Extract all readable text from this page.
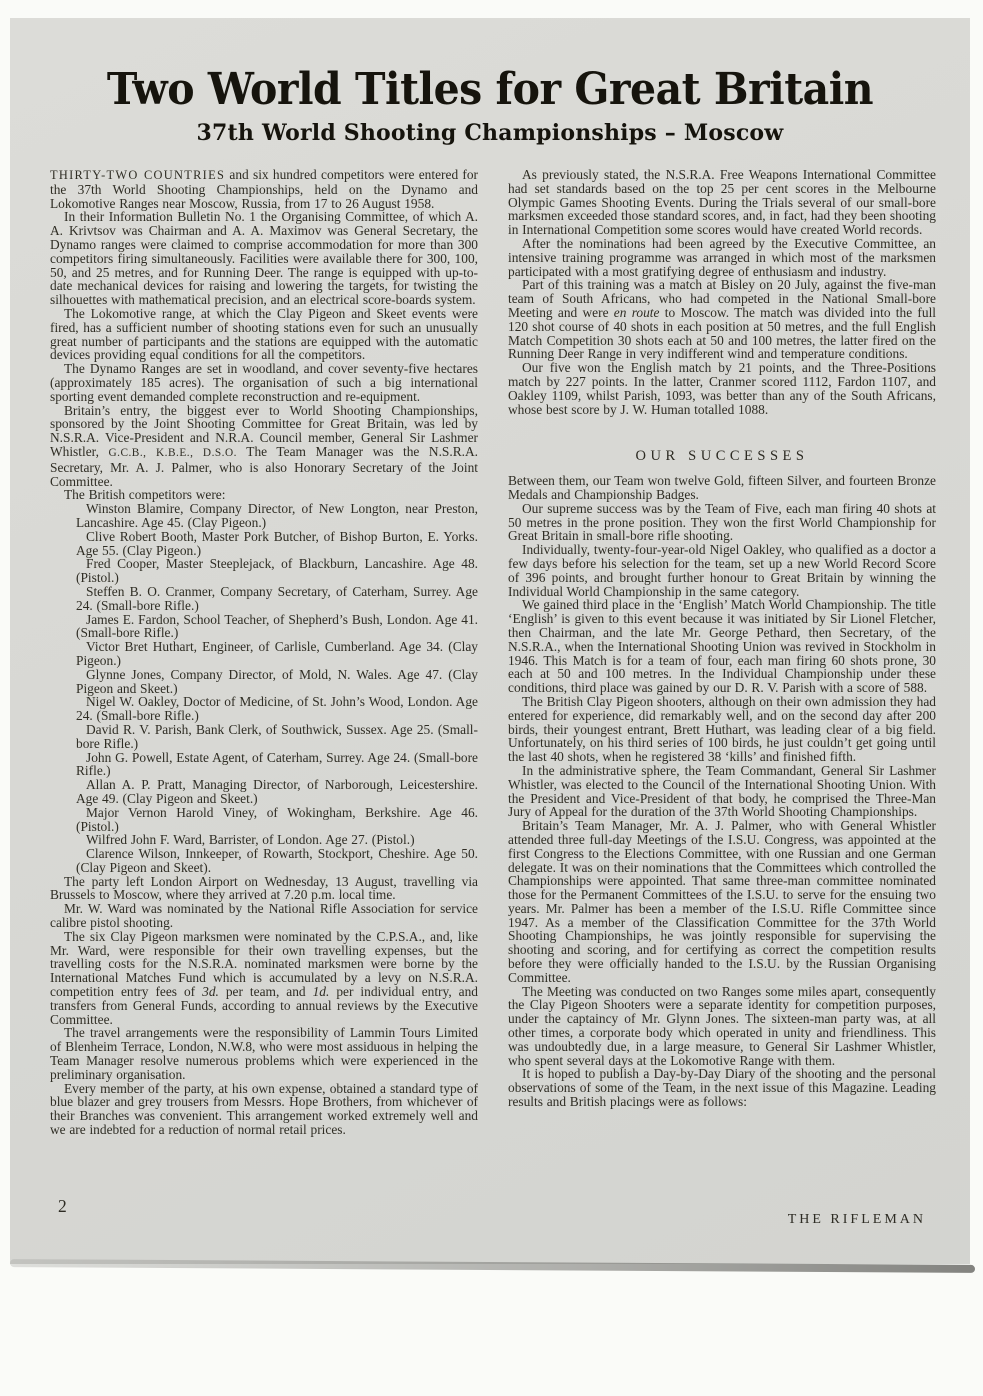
Two World Titles for Great Britain
37th World Shooting Championships – Moscow

THIRTY-TWO COUNTRIES and six hundred competitors were entered for the 37th World Shooting Championships, held on the Dynamo and Lokomotive Ranges near Moscow, Russia, from 17 to 26 August 1958.

In their Information Bulletin No. 1 the Organising Committee, of which A. A. Krivtsov was Chairman and A. A. Maximov was General Secretary, the Dynamo ranges were claimed to comprise accommodation for more than 300 competitors firing simultaneously. Facilities were available there for 300, 100, 50, and 25 metres, and for Running Deer. The range is equipped with up-to-date mechanical devices for raising and lowering the targets, for twisting the silhouettes with mathematical precision, and an electrical score-boards system.

The Lokomotive range, at which the Clay Pigeon and Skeet events were fired, has a sufficient number of shooting stations even for such an unusually great number of participants and the stations are equipped with the automatic devices providing equal conditions for all the competitors.

The Dynamo Ranges are set in woodland, and cover seventy-five hectares (approximately 185 acres). The organisation of such a big international sporting event demanded complete reconstruction and re-equipment.

Britain’s entry, the biggest ever to World Shooting Championships, sponsored by the Joint Shooting Committee for Great Britain, was led by N.S.R.A. Vice-President and N.R.A. Council member, General Sir Lashmer Whistler, G.C.B., K.B.E., D.S.O. The Team Manager was the N.S.R.A. Secretary, Mr. A. J. Palmer, who is also Honorary Secretary of the Joint Committee.

The British competitors were:

Winston Blamire, Company Director, of New Longton, near Preston, Lancashire. Age 45. (Clay Pigeon.)
Clive Robert Booth, Master Pork Butcher, of Bishop Burton, E. Yorks. Age 55. (Clay Pigeon.)
Fred Cooper, Master Steeplejack, of Blackburn, Lancashire. Age 48. (Pistol.)
Steffen B. O. Cranmer, Company Secretary, of Caterham, Surrey. Age 24. (Small-bore Rifle.)
James E. Fardon, School Teacher, of Shepherd’s Bush, London. Age 41. (Small-bore Rifle.)
Victor Bret Huthart, Engineer, of Carlisle, Cumberland. Age 34. (Clay Pigeon.)
Glynne Jones, Company Director, of Mold, N. Wales. Age 47. (Clay Pigeon and Skeet.)
Nigel W. Oakley, Doctor of Medicine, of St. John’s Wood, London. Age 24. (Small-bore Rifle.)
David R. V. Parish, Bank Clerk, of Southwick, Sussex. Age 25. (Small-bore Rifle.)
John G. Powell, Estate Agent, of Caterham, Surrey. Age 24. (Small-bore Rifle.)
Allan A. P. Pratt, Managing Director, of Narborough, Leicestershire. Age 49. (Clay Pigeon and Skeet.)
Major Vernon Harold Viney, of Wokingham, Berkshire. Age 46. (Pistol.)
Wilfred John F. Ward, Barrister, of London. Age 27. (Pistol.)
Clarence Wilson, Innkeeper, of Rowarth, Stockport, Cheshire. Age 50. (Clay Pigeon and Skeet).

The party left London Airport on Wednesday, 13 August, travelling via Brussels to Moscow, where they arrived at 7.20 p.m. local time.

Mr. W. Ward was nominated by the National Rifle Association for service calibre pistol shooting.

The six Clay Pigeon marksmen were nominated by the C.P.S.A., and, like Mr. Ward, were responsible for their own travelling expenses, but the travelling costs for the N.S.R.A. nominated marksmen were borne by the International Matches Fund which is accumulated by a levy on N.S.R.A. competition entry fees of 3d. per team, and 1d. per individual entry, and transfers from General Funds, according to annual reviews by the Executive Committee.

The travel arrangements were the responsibility of Lammin Tours Limited of Blenheim Terrace, London, N.W.8, who were most assiduous in helping the Team Manager resolve numerous problems which were experienced in the preliminary organisation.

Every member of the party, at his own expense, obtained a standard type of blue blazer and grey trousers from Messrs. Hope Brothers, from whichever of their Branches was convenient. This arrangement worked extremely well and we are indebted for a reduction of normal retail prices.

As previously stated, the N.S.R.A. Free Weapons International Committee had set standards based on the top 25 per cent scores in the Melbourne Olympic Games Shooting Events. During the Trials several of our small-bore marksmen exceeded those standard scores, and, in fact, had they been shooting in International Competition some scores would have created World records.

After the nominations had been agreed by the Executive Committee, an intensive training programme was arranged in which most of the marksmen participated with a most gratifying degree of enthusiasm and industry.

Part of this training was a match at Bisley on 20 July, against the five-man team of South Africans, who had competed in the National Small-bore Meeting and were en route to Moscow. The match was divided into the full 120 shot course of 40 shots in each position at 50 metres, and the full English Match Competition 30 shots each at 50 and 100 metres, the latter fired on the Running Deer Range in very indifferent wind and temperature conditions.

Our five won the English match by 21 points, and the Three-Positions match by 227 points. In the latter, Cranmer scored 1112, Fardon 1107, and Oakley 1109, whilst Parish, 1093, was better than any of the South Africans, whose best score by J. W. Human totalled 1088.

OUR SUCCESSES

Between them, our Team won twelve Gold, fifteen Silver, and fourteen Bronze Medals and Championship Badges.

Our supreme success was by the Team of Five, each man firing 40 shots at 50 metres in the prone position. They won the first World Championship for Great Britain in small-bore rifle shooting.

Individually, twenty-four-year-old Nigel Oakley, who qualified as a doctor a few days before his selection for the team, set up a new World Record Score of 396 points, and brought further honour to Great Britain by winning the Individual World Championship in the same category.

We gained third place in the ‘English’ Match World Championship. The title ‘English’ is given to this event because it was initiated by Sir Lionel Fletcher, then Chairman, and the late Mr. George Pethard, then Secretary, of the N.S.R.A., when the International Shooting Union was revived in Stockholm in 1946. This Match is for a team of four, each man firing 60 shots prone, 30 each at 50 and 100 metres. In the Individual Championship under these conditions, third place was gained by our D. R. V. Parish with a score of 588.

The British Clay Pigeon shooters, although on their own admission they had entered for experience, did remarkably well, and on the second day after 200 birds, their youngest entrant, Brett Huthart, was leading clear of a big field. Unfortunately, on his third series of 100 birds, he just couldn’t get going until the last 40 shots, when he registered 38 ‘kills’ and finished fifth.

In the administrative sphere, the Team Commandant, General Sir Lashmer Whistler, was elected to the Council of the International Shooting Union. With the President and Vice-President of that body, he comprised the Three-Man Jury of Appeal for the duration of the 37th World Shooting Championships.

Britain’s Team Manager, Mr. A. J. Palmer, who with General Whistler attended three full-day Meetings of the I.S.U. Congress, was appointed at the first Congress to the Elections Committee, with one Russian and one German delegate. It was on their nominations that the Committees which controlled the Championships were appointed. That same three-man committee nominated those for the Permanent Committees of the I.S.U. to serve for the ensuing two years. Mr. Palmer has been a member of the I.S.U. Rifle Committee since 1947. As a member of the Classification Committee for the 37th World Shooting Championships, he was jointly responsible for supervising the shooting and scoring, and for certifying as correct the competition results before they were officially handed to the I.S.U. by the Russian Organising Committee.

The Meeting was conducted on two Ranges some miles apart, consequently the Clay Pigeon Shooters were a separate identity for competition purposes, under the captaincy of Mr. Glynn Jones. The sixteen-man party was, at all other times, a corporate body which operated in unity and friendliness. This was undoubtedly due, in a large measure, to General Sir Lashmer Whistler, who spent several days at the Lokomotive Range with them.

It is hoped to publish a Day-by-Day Diary of the shooting and the personal observations of some of the Team, in the next issue of this Magazine. Leading results and British placings were as follows:

2
THE RIFLEMAN
